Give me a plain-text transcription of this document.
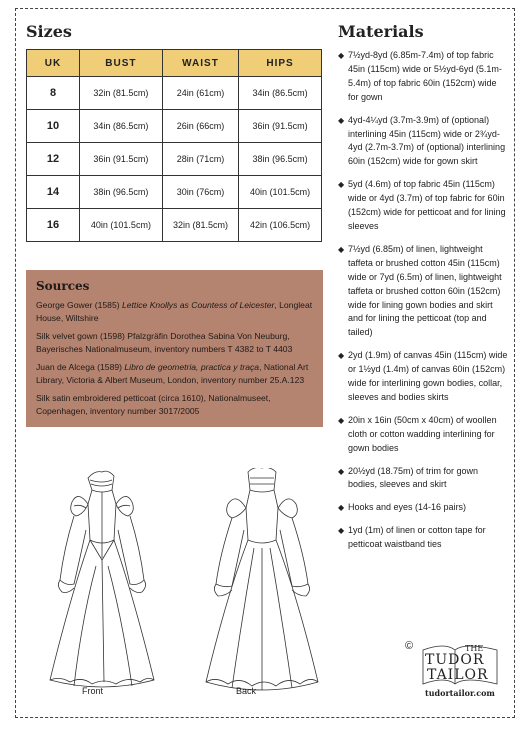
Sizes
UK	BUST	WAIST	HIPS
8	32in (81.5cm)	24in (61cm)	34in (86.5cm)
10	34in (86.5cm)	26in (66cm)	36in (91.5cm)
12	36in (91.5cm)	28in (71cm)	38in (96.5cm)
14	38in (96.5cm)	30in (76cm)	40in (101.5cm)
16	40in (101.5cm)	32in (81.5cm)	42in (106.5cm)
Sources

George Gower (1585) Lettice Knollys as Countess of Leicester, Longleat House, Wiltshire

Silk velvet gown (1598) Pfalzgräfin Dorothea Sabina Von Neuburg, Bayerisches Nationalmuseum, inventory numbers T 4382 to T 4403

Juan de Alcega (1589) Libro de geometria, practica y traça, National Art Library, Victoria & Albert Museum, London, inventory number 25.A.123

Silk satin embroidered petticoat (circa 1610), Nationalmuseet, Copenhagen, inventory number 3017/2005

Front	Back
Materials
◆ 7½yd-8yd (6.85m-7.4m) of top fabric 45in (115cm) wide or 5½yd-6yd (5.1m-5.4m) of top fabric 60in (152cm) wide for gown
◆ 4yd-4¼yd (3.7m-3.9m) of (optional) interlining 45in (115cm) wide or 2¾yd-4yd (2.7m-3.7m) of (optional) interlining 60in (152cm) wide for gown skirt
◆ 5yd (4.6m) of top fabric 45in (115cm) wide or 4yd (3.7m) of top fabric for 60in (152cm) wide for petticoat and for lining sleeves
◆ 7½yd (6.85m) of linen, lightweight taffeta or brushed cotton 45in (115cm) wide or 7yd (6.5m) of linen, lightweight taffeta or brushed cotton 60in (152cm) wide for lining gown bodies and skirt and for lining the petticoat (top and tailed)
◆ 2yd (1.9m) of canvas 45in (115cm) wide or 1½yd (1.4m) of canvas 60in (152cm) wide for interlining gown bodies, collar, sleeves and bodies skirts
◆ 20in x 16in (50cm x 40cm) of woollen cloth or cotton wadding interlining for gown bodies
◆ 20½yd (18.75m) of trim for gown bodies, sleeves and skirt
◆ Hooks and eyes (14-16 pairs)
◆ 1yd (1m) of linen or cotton tape for petticoat waistband ties
©	THE
TUDOR
TAILOR
tudortailor.com
